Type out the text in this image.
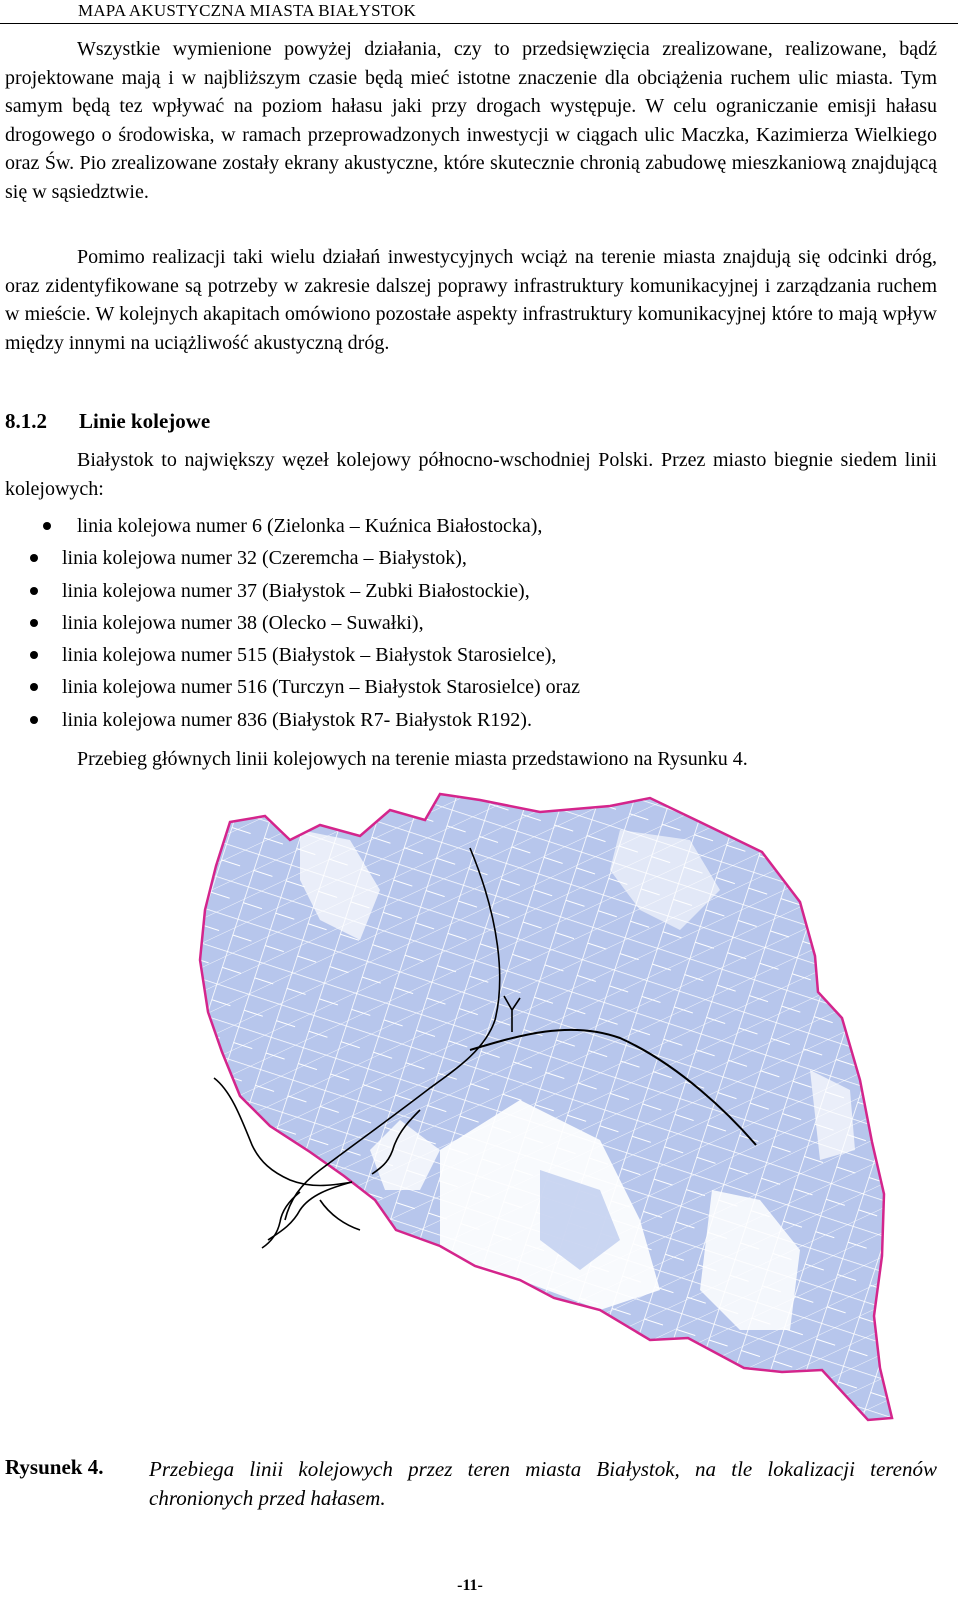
MAPA AKUSTYCZNA MIASTA BIAŁYSTOK

Wszystkie wymienione powyżej działania, czy to przedsięwzięcia zrealizowane, realizowane, bądź projektowane mają i w najbliższym czasie będą mieć istotne znaczenie dla obciążenia ruchem ulic miasta. Tym samym będą tez wpływać na poziom hałasu jaki przy drogach występuje. W celu ograniczanie emisji hałasu drogowego o środowiska, w ramach przeprowadzonych inwestycji w ciągach ulic Maczka, Kazimierza Wielkiego oraz Św. Pio zrealizowane zostały ekrany akustyczne, które skutecznie chronią zabudowę mieszkaniową znajdującą się w sąsiedztwie.

Pomimo realizacji taki wielu działań inwestycyjnych wciąż na terenie miasta znajdują się odcinki dróg, oraz zidentyfikowane są potrzeby w zakresie dalszej poprawy infrastruktury komunikacyjnej i zarządzania ruchem w mieście. W kolejnych akapitach omówiono pozostałe aspekty infrastruktury komunikacyjnej które to mają wpływ między innymi na uciążliwość akustyczną dróg.

8.1.2 Linie kolejowe

Białystok to największy węzeł kolejowy północno-wschodniej Polski. Przez miasto biegnie siedem linii kolejowych:

linia kolejowa numer 6 (Zielonka – Kuźnica Białostocka),
linia kolejowa numer 32 (Czeremcha – Białystok),
linia kolejowa numer 37 (Białystok – Zubki Białostockie),
linia kolejowa numer 38 (Olecko – Suwałki),
linia kolejowa numer 515 (Białystok – Białystok Starosielce),
linia kolejowa numer 516 (Turczyn – Białystok Starosielce) oraz
linia kolejowa numer 836 (Białystok R7- Białystok R192).

Przebieg głównych linii kolejowych na terenie miasta przedstawiono na Rysunku 4.

Rysunek 4. Przebiega linii kolejowych przez teren miasta Białystok, na tle lokalizacji terenów chronionych przed hałasem.
-11-
